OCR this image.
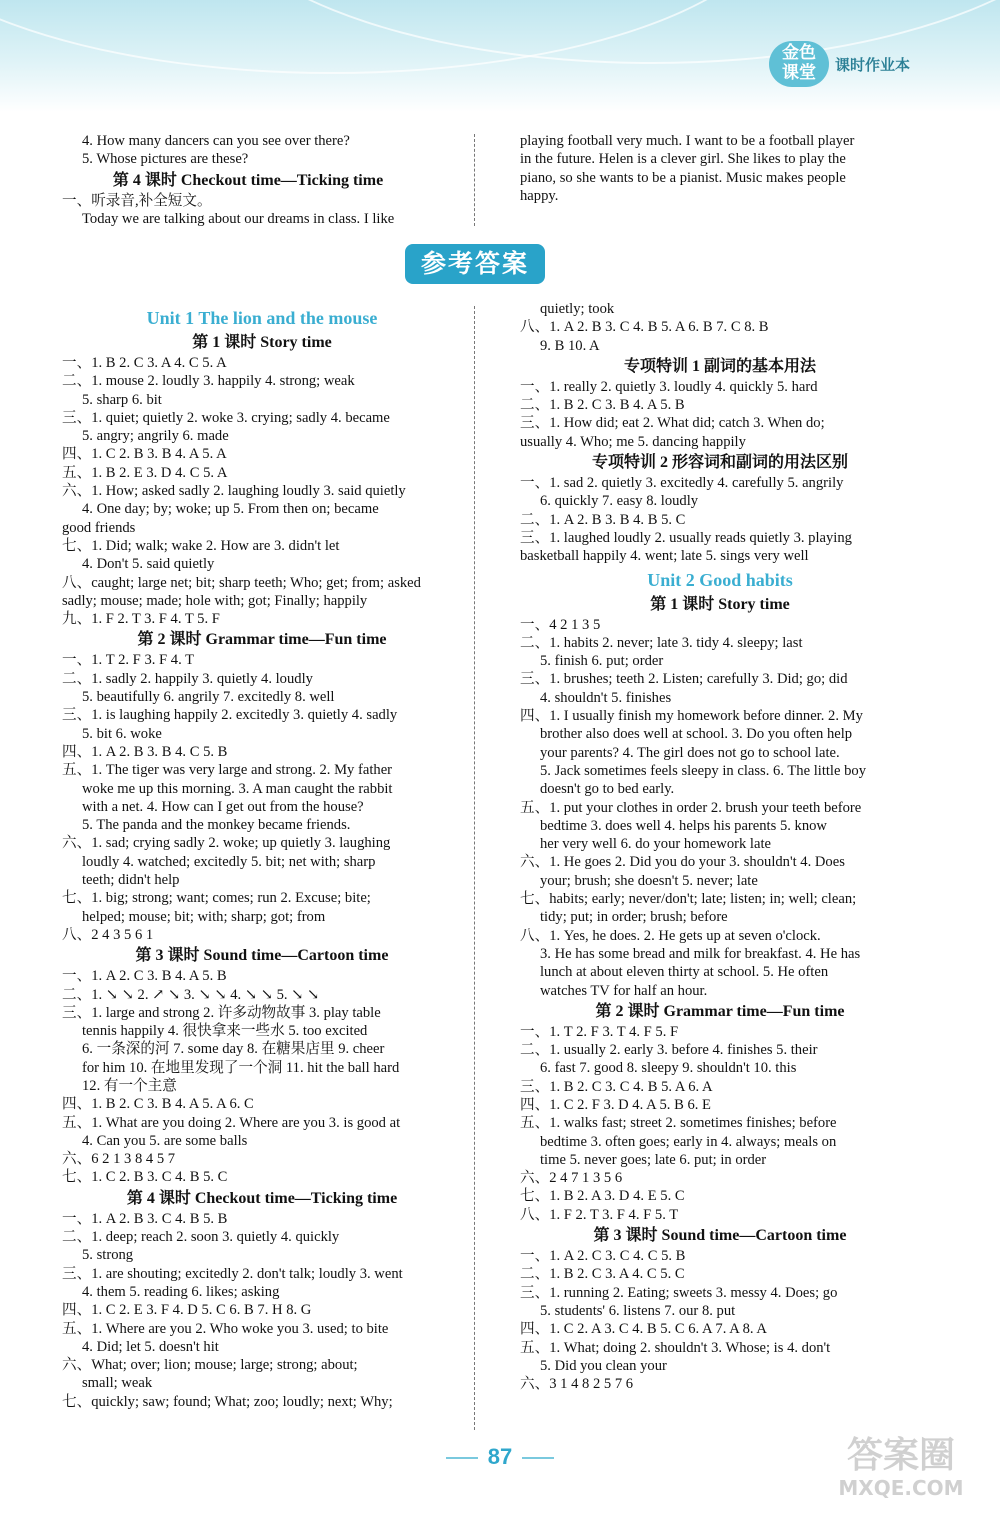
金色
课堂	课时作业本

4. How many dancers can you see over there?

5. Whose pictures are these?

第 4 课时 Checkout time—Ticking time

一、听录音,补全短文。

Today we are talking about our dreams in class. I like

playing football very much. I want to be a football player

in the future. Helen is a clever girl. She likes to play the

piano, so she wants to be a pianist. Music makes people

happy.

参考答案

Unit 1 The lion and the mouse

第 1 课时 Story time

一、1. B 2. C 3. A 4. C 5. A

二、1. mouse 2. loudly 3. happily 4. strong; weak

5. sharp 6. bit

三、1. quiet; quietly 2. woke 3. crying; sadly 4. became

5. angry; angrily 6. made

四、1. C 2. B 3. B 4. A 5. A

五、1. B 2. E 3. D 4. C 5. A

六、1. How; asked sadly 2. laughing loudly 3. said quietly

4. One day; by; woke; up 5. From then on; became

good friends

七、1. Did; walk; wake 2. How are 3. didn't let

4. Don't 5. said quietly

八、caught; large net; bit; sharp teeth; Who; get; from; asked

sadly; mouse; made; hole with; got; Finally; happily

九、1. F 2. T 3. F 4. T 5. F

第 2 课时 Grammar time—Fun time

一、1. T 2. F 3. F 4. T

二、1. sadly 2. happily 3. quietly 4. loudly

5. beautifully 6. angrily 7. excitedly 8. well

三、1. is laughing happily 2. excitedly 3. quietly 4. sadly

5. bit 6. woke

四、1. A 2. B 3. B 4. C 5. B

五、1. The tiger was very large and strong. 2. My father

woke me up this morning. 3. A man caught the rabbit

with a net. 4. How can I get out from the house?

5. The panda and the monkey became friends.

六、1. sad; crying sadly 2. woke; up quietly 3. laughing

loudly 4. watched; excitedly 5. bit; net with; sharp

teeth; didn't help

七、1. big; strong; want; comes; run 2. Excuse; bite;

helped; mouse; bit; with; sharp; got; from

八、2 4 3 5 6 1

第 3 课时 Sound time—Cartoon time

一、1. A 2. C 3. B 4. A 5. B

二、1. ↘ ↘ 2. ↗ ↘ 3. ↘ ↘ 4. ↘ ↘ 5. ↘ ↘

三、1. large and strong 2. 许多动物故事 3. play table

tennis happily 4. 很快拿来一些水 5. too excited

6. 一条深的河 7. some day 8. 在糖果店里 9. cheer

for him 10. 在地里发现了一个洞 11. hit the ball hard

12. 有一个主意

四、1. B 2. C 3. B 4. A 5. A 6. C

五、1. What are you doing 2. Where are you 3. is good at

4. Can you 5. are some balls

六、6 2 1 3 8 4 5 7

七、1. C 2. B 3. C 4. B 5. C

第 4 课时 Checkout time—Ticking time

一、1. A 2. B 3. C 4. B 5. B

二、1. deep; reach 2. soon 3. quietly 4. quickly

5. strong

三、1. are shouting; excitedly 2. don't talk; loudly 3. went

4. them 5. reading 6. likes; asking

四、1. C 2. E 3. F 4. D 5. C 6. B 7. H 8. G

五、1. Where are you 2. Who woke you 3. used; to bite

4. Did; let 5. doesn't hit

六、What; over; lion; mouse; large; strong; about;

small; weak

七、quickly; saw; found; What; zoo; loudly; next; Why;

quietly; took

八、1. A 2. B 3. C 4. B 5. A 6. B 7. C 8. B

9. B 10. A

专项特训 1 副词的基本用法

一、1. really 2. quietly 3. loudly 4. quickly 5. hard

二、1. B 2. C 3. B 4. A 5. B

三、1. How did; eat 2. What did; catch 3. When do;

usually 4. Who; me 5. dancing happily

专项特训 2 形容词和副词的用法区别

一、1. sad 2. quietly 3. excitedly 4. carefully 5. angrily

6. quickly 7. easy 8. loudly

二、1. A 2. B 3. B 4. B 5. C

三、1. laughed loudly 2. usually reads quietly 3. playing

basketball happily 4. went; late 5. sings very well

Unit 2 Good habits

第 1 课时 Story time

一、4 2 1 3 5

二、1. habits 2. never; late 3. tidy 4. sleepy; last

5. finish 6. put; order

三、1. brushes; teeth 2. Listen; carefully 3. Did; go; did

4. shouldn't 5. finishes

四、1. I usually finish my homework before dinner. 2. My

brother also does well at school. 3. Do you often help

your parents? 4. The girl does not go to school late.

5. Jack sometimes feels sleepy in class. 6. The little boy

doesn't go to bed early.

五、1. put your clothes in order 2. brush your teeth before

bedtime 3. does well 4. helps his parents 5. know

her very well 6. do your homework late

六、1. He goes 2. Did you do your 3. shouldn't 4. Does

your; brush; she doesn't 5. never; late

七、habits; early; never/don't; late; listen; in; well; clean;

tidy; put; in order; brush; before

八、1. Yes, he does. 2. He gets up at seven o'clock.

3. He has some bread and milk for breakfast. 4. He has

lunch at about eleven thirty at school. 5. He often

watches TV for half an hour.

第 2 课时 Grammar time—Fun time

一、1. T 2. F 3. T 4. F 5. F

二、1. usually 2. early 3. before 4. finishes 5. their

6. fast 7. good 8. sleepy 9. shouldn't 10. this

三、1. B 2. C 3. C 4. B 5. A 6. A

四、1. C 2. F 3. D 4. A 5. B 6. E

五、1. walks fast; street 2. sometimes finishes; before

bedtime 3. often goes; early in 4. always; meals on

time 5. never goes; late 6. put; in order

六、2 4 7 1 3 5 6

七、1. B 2. A 3. D 4. E 5. C

八、1. F 2. T 3. F 4. F 5. T

第 3 课时 Sound time—Cartoon time

一、1. A 2. C 3. C 4. C 5. B

二、1. B 2. C 3. A 4. C 5. C

三、1. running 2. Eating; sweets 3. messy 4. Does; go

5. students' 6. listens 7. our 8. put

四、1. C 2. A 3. C 4. B 5. C 6. A 7. A 8. A

五、1. What; doing 2. shouldn't 3. Whose; is 4. don't

5. Did you clean your

六、3 1 4 8 2 5 7 6

87	答案圈
MXQE.COM
